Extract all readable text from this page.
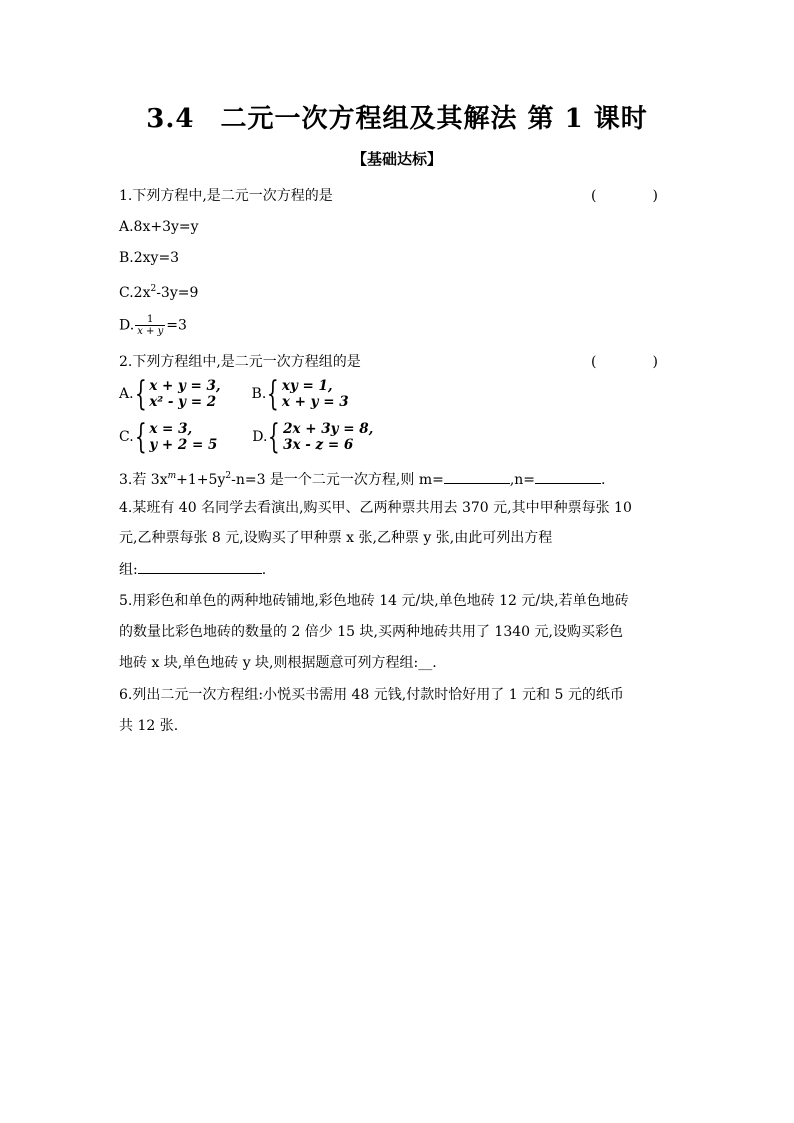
3.4 二元一次方程组及其解法 第 1 课时
【基础达标】
1.下列方程中,是二元一次方程的是	(　　　　)
A.8x+3y=y
B.2xy=3
$C.2x^2-3y=9$
D. $\frac{1}{x + y} =3$
2.下列方程组中,是二元一次方程组的是	(　　　　)
A. { x + y = 3,
x² - y = 2
	B. { xy = 1,
x + y = 3
C. { x = 3,
y + 2 = 5
D. { 2x + 3y = 8,
3x - z = 6
3.若 $3x^m+1+5y^2-n=3$ 是一个二元一次方程,则 m=	,n=	.
4.某班有 40 名同学去看演出,购买甲、乙两种票共用去 370 元,其中甲种票每张 10
元,乙种票每张 8 元,设购买了甲种票 x 张,乙种票 y 张,由此可列出方程
组:	.
5.用彩色和单色的两种地砖铺地,彩色地砖 14 元/块,单色地砖 12 元/块,若单色地砖
的数量比彩色地砖的数量的 2 倍少 15 块,买两种地砖共用了 1340 元,设购买彩色
地砖 x 块,单色地砖 y 块,则根据题意可列方程组:__.
6.列出二元一次方程组:小悦买书需用 48 元钱,付款时恰好用了 1 元和 5 元的纸币
共 12 张.
